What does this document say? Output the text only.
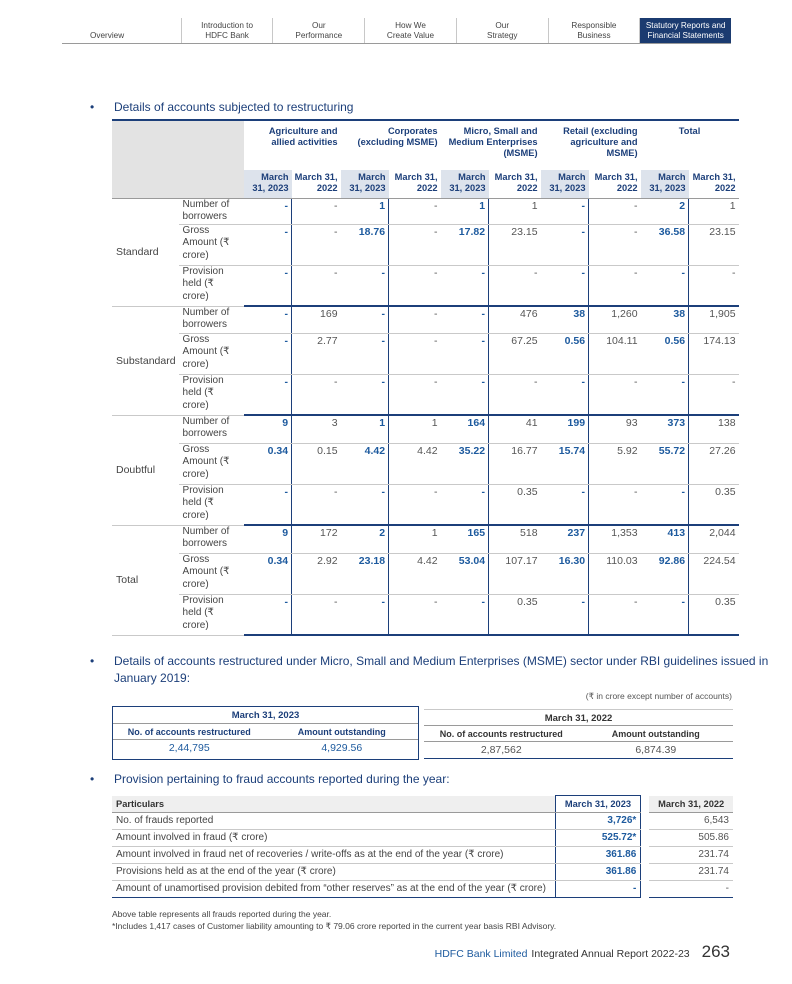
Overview
Introduction to
HDFC Bank
Our
Performance
How We
Create Value
Our
Strategy
Responsible
Business
Statutory Reports and
Financial Statements
•	Details of accounts subjected to restructuring
		Agriculture and allied activities		Corporates (excluding MSME)		Micro, Small and Medium Enterprises (MSME)		Retail (excluding agriculture and MSME)		Total	
		March 31, 2023	March 31, 2022	March 31, 2023	March 31, 2022	March 31, 2023	March 31, 2022	March 31, 2023	March 31, 2022	March 31, 2023	March 31, 2022
Standard	Number of borrowers	-	-	1	-	1	1	-	-	2	1
	Gross Amount (₹ crore)	-	-	18.76	-	17.82	23.15	-	-	36.58	23.15
	Provision held (₹ crore)	-	-	-	-	-	-	-	-	-	-
Substandard	Number of borrowers	-	169	-	-	-	476	38	1,260	38	1,905
	Gross Amount (₹ crore)	-	2.77	-	-	-	67.25	0.56	104.11	0.56	174.13
	Provision held (₹ crore)	-	-	-	-	-	-	-	-	-	-
Doubtful	Number of borrowers	9	3	1	1	164	41	199	93	373	138
	Gross Amount (₹ crore)	0.34	0.15	4.42	4.42	35.22	16.77	15.74	5.92	55.72	27.26
	Provision held (₹ crore)	-	-	-	-	-	0.35	-	-	-	0.35
Total	Number of borrowers	9	172	2	1	165	518	237	1,353	413	2,044
	Gross Amount (₹ crore)	0.34	2.92	23.18	4.42	53.04	107.17	16.30	110.03	92.86	224.54
	Provision held (₹ crore)	-	-	-	-	-	0.35	-	-	-	0.35
•	Details of accounts restructured under Micro, Small and Medium Enterprises (MSME) sector under RBI guidelines issued in January 2019:
(₹ in crore except number of accounts)
March 31, 2023
No. of accounts restructured	Amount outstanding
2,44,795	4,929.56
March 31, 2022
No. of accounts restructured	Amount outstanding
2,87,562	6,874.39
•	Provision pertaining to fraud accounts reported during the year:
Particulars	March 31, 2023		March 31, 2022
No. of frauds reported	3,726*		6,543
Amount involved in fraud (₹ crore)	525.72*		505.86
Amount involved in fraud net of recoveries / write-offs as at the end of the year (₹ crore)	361.86		231.74
Provisions held as at the end of the year (₹ crore)	361.86		231.74
Amount of unamortised provision debited from “other reserves” as at the end of the year (₹ crore)	-		-
Above table represents all frauds reported during the year.
*Includes 1,417 cases of Customer liability amounting to ₹ 79.06 crore reported in the current year basis RBI Advisory.
HDFC Bank Limited Integrated Annual Report 2022-23 263
